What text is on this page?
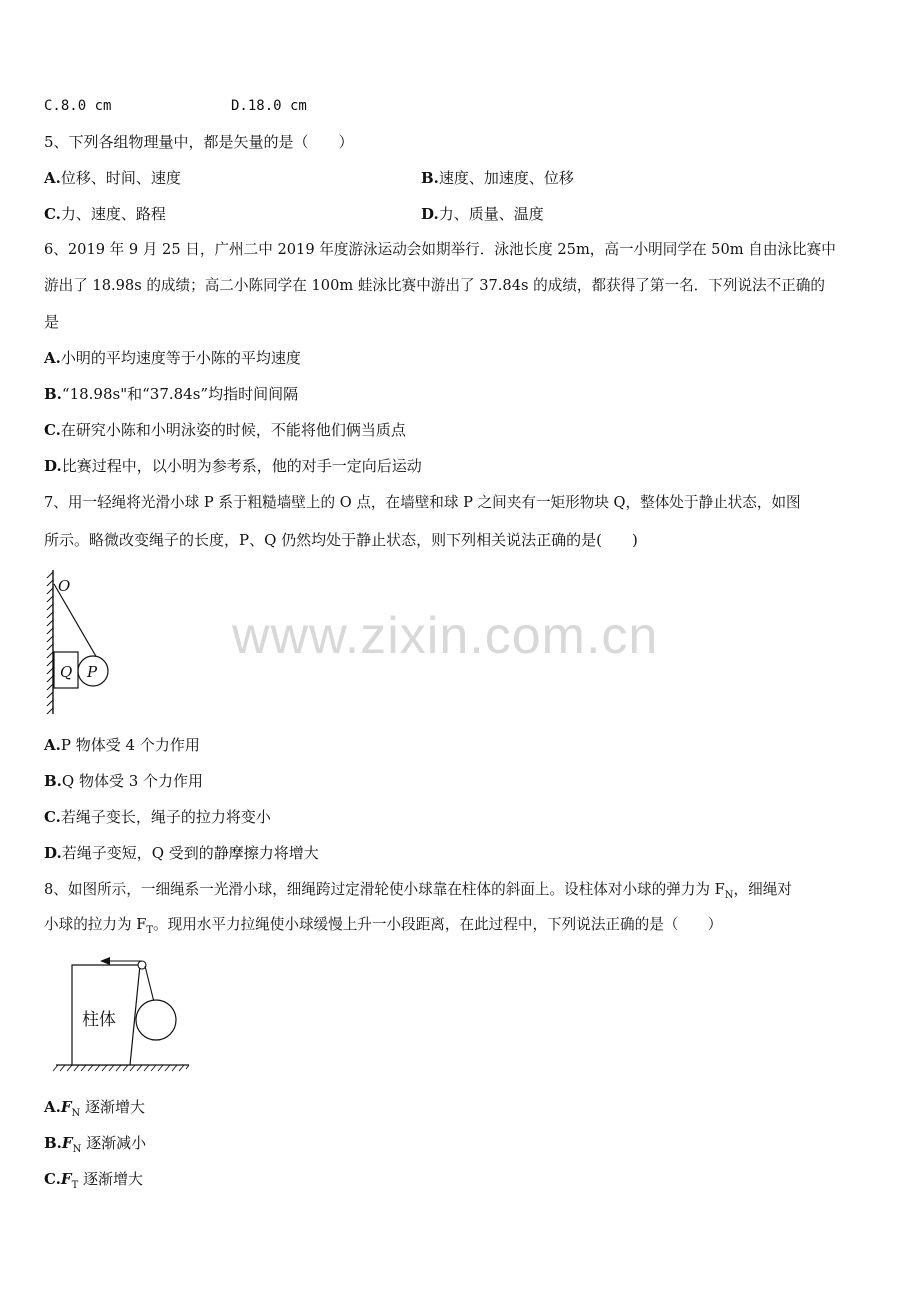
C.8.0 cm	D.18.0 cm
5、下列各组物理量中，都是矢量的是（　　）
A.位移、时间、速度	B.速度、加速度、位移
C.力、速度、路程	D.力、质量、温度
6、2019 年 9 月 25 日，广州二中 2019 年度游泳运动会如期举行．泳池长度 25m，高一小明同学在 50m 自由泳比赛中
游出了 18.98s 的成绩；高二小陈同学在 100m 蛙泳比赛中游出了 37.84s 的成绩，都获得了第一名．下列说法不正确的
是
A.小明的平均速度等于小陈的平均速度
B.“18.98s"和“37.84s”均指时间间隔
C.在研究小陈和小明泳姿的时候，不能将他们俩当质点
D.比赛过程中，以小明为参考系，他的对手一定向后运动
7、用一轻绳将光滑小球 P 系于粗糙墙壁上的 O 点，在墙壁和球 P 之间夹有一矩形物块 Q，整体处于静止状态，如图
所示。略微改变绳子的长度，P、Q 仍然均处于静止状态，则下列相关说法正确的是(　　)
O
Q P
A.P 物体受 4 个力作用
B.Q 物体受 3 个力作用
C.若绳子变长，绳子的拉力将变小
D.若绳子变短，Q 受到的静摩擦力将增大
8、如图所示，一细绳系一光滑小球，细绳跨过定滑轮使小球靠在柱体的斜面上。设柱体对小球的弹力为 $F_N$，细绳对
小球的拉力为 $F_T$。现用水平力拉绳使小球缓慢上升一小段距离，在此过程中，下列说法正确的是（　　）
柱体
$A.F_N$ 逐渐增大
$B.F_N$ 逐渐减小
$C.F_T$ 逐渐增大
www.zixin.com.cn
